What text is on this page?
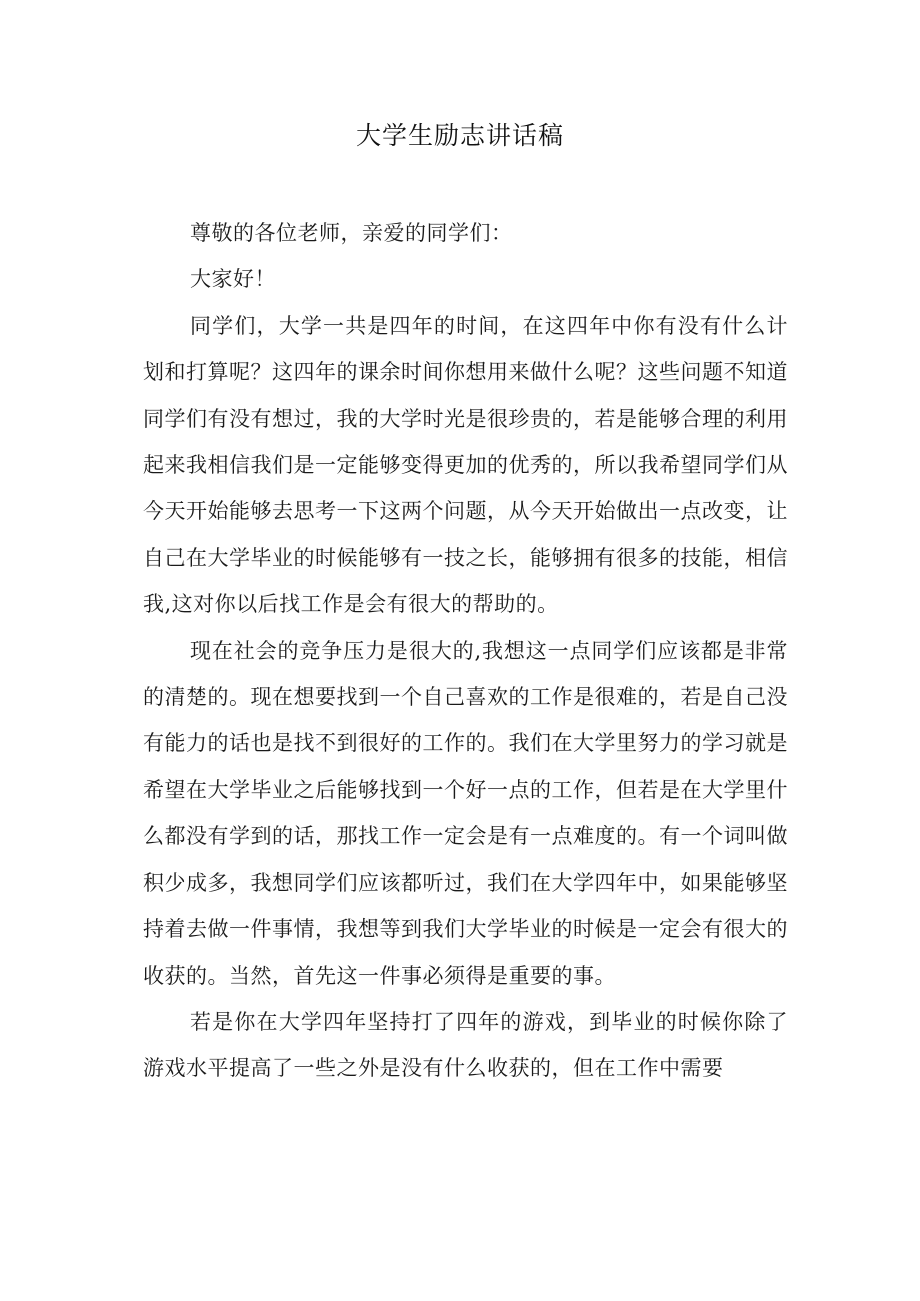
大学生励志讲话稿

尊敬的各位老师，亲爱的同学们：

大家好！

同学们，大学一共是四年的时间，在这四年中你有没有什么计划和打算呢？这四年的课余时间你想用来做什么呢？这些问题不知道同学们有没有想过，我的大学时光是很珍贵的，若是能够合理的利用起来我相信我们是一定能够变得更加的优秀的，所以我希望同学们从今天开始能够去思考一下这两个问题，从今天开始做出一点改变，让自己在大学毕业的时候能够有一技之长，能够拥有很多的技能，相信我,这对你以后找工作是会有很大的帮助的。

现在社会的竞争压力是很大的,我想这一点同学们应该都是非常的清楚的。现在想要找到一个自己喜欢的工作是很难的，若是自己没有能力的话也是找不到很好的工作的。我们在大学里努力的学习就是希望在大学毕业之后能够找到一个好一点的工作，但若是在大学里什么都没有学到的话，那找工作一定会是有一点难度的。有一个词叫做积少成多，我想同学们应该都听过，我们在大学四年中，如果能够坚持着去做一件事情，我想等到我们大学毕业的时候是一定会有很大的收获的。当然，首先这一件事必须得是重要的事。

若是你在大学四年坚持打了四年的游戏，到毕业的时候你除了游戏水平提高了一些之外是没有什么收获的，但在工作中需要
